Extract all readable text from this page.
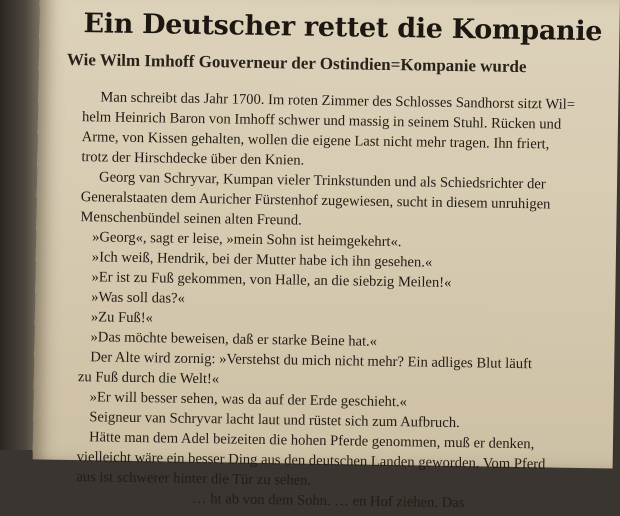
Ein Deutscher rettet die Kompanie
Wie Wilm Imhoff Gouverneur der Ostindien=Kompanie wurde

Man schreibt das Jahr 1700. Im roten Zimmer des Schlosses Sandhorst sitzt Wil=

helm Heinrich Baron von Imhoff schwer und massig in seinem Stuhl. Rücken und

Arme, von Kissen gehalten, wollen die eigene Last nicht mehr tragen. Ihn friert,

trotz der Hirschdecke über den Knien.

Georg van Schryvar, Kumpan vieler Trinkstunden und als Schiedsrichter der

Generalstaaten dem Auricher Fürstenhof zugewiesen, sucht in diesem unruhigen

Menschenbündel seinen alten Freund.

»Georg«, sagt er leise, »mein Sohn ist heimgekehrt«.

»Ich weiß, Hendrik, bei der Mutter habe ich ihn gesehen.«

»Er ist zu Fuß gekommen, von Halle, an die siebzig Meilen!«

»Was soll das?«

»Zu Fuß!«

»Das möchte beweisen, daß er starke Beine hat.«

Der Alte wird zornig: »Verstehst du mich nicht mehr? Ein adliges Blut läuft

zu Fuß durch die Welt!«

»Er will besser sehen, was da auf der Erde geschieht.«

Seigneur van Schryvar lacht laut und rüstet sich zum Aufbruch.

Hätte man dem Adel beizeiten die hohen Pferde genommen, muß er denken,

vielleicht wäre ein besser Ding aus den deutschen Landen geworden. Vom Pferd

aus ist schwerer hinter die Tür zu sehen.

… ht ab von dem Sohn. … en Hof ziehen. Das
